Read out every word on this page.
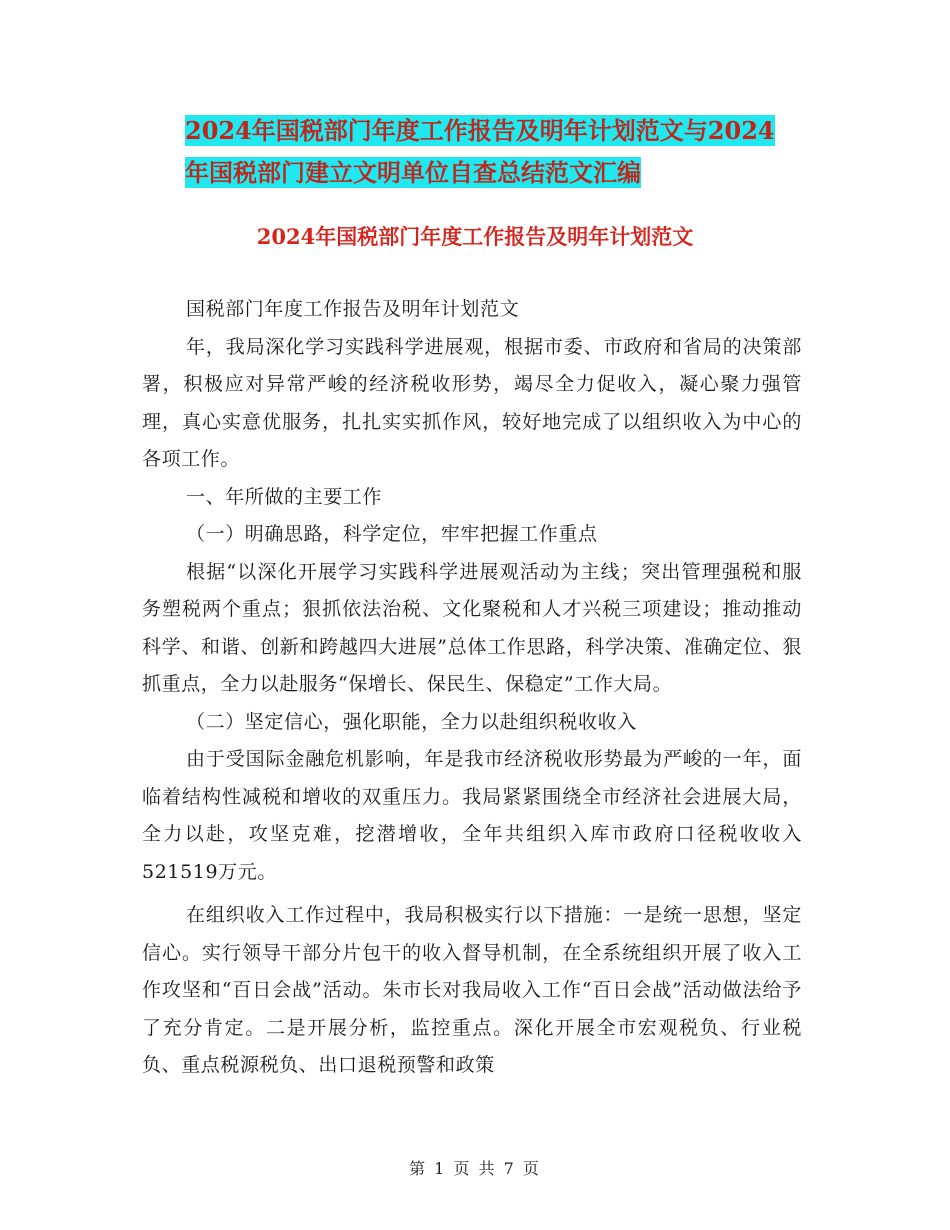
2024年国税部门年度工作报告及明年计划范文与2024
年国税部门建立文明单位自查总结范文汇编
2024年国税部门年度工作报告及明年计划范文

国税部门年度工作报告及明年计划范文

年，我局深化学习实践科学进展观，根据市委、市政府和省局的决策部署，积极应对异常严峻的经济税收形势，竭尽全力促收入，凝心聚力强管理，真心实意优服务，扎扎实实抓作风，较好地完成了以组织收入为中心的各项工作。

一、年所做的主要工作

（一）明确思路，科学定位，牢牢把握工作重点

根据“以深化开展学习实践科学进展观活动为主线；突出管理强税和服务塑税两个重点；狠抓依法治税、文化聚税和人才兴税三项建设；推动推动科学、和谐、创新和跨越四大进展”总体工作思路，科学决策、准确定位、狠抓重点，全力以赴服务“保增长、保民生、保稳定”工作大局。

（二）坚定信心，强化职能，全力以赴组织税收收入

由于受国际金融危机影响，年是我市经济税收形势最为严峻的一年，面临着结构性减税和增收的双重压力。我局紧紧围绕全市经济社会进展大局，全力以赴，攻坚克难，挖潜增收，全年共组织入库市政府口径税收收入521519万元。

在组织收入工作过程中，我局积极实行以下措施：一是统一思想，坚定信心。实行领导干部分片包干的收入督导机制，在全系统组织开展了收入工作攻坚和“百日会战”活动。朱市长对我局收入工作“百日会战”活动做法给予了充分肯定。二是开展分析，监控重点。深化开展全市宏观税负、行业税负、重点税源税负、出口退税预警和政策

第 1 页 共 7 页
